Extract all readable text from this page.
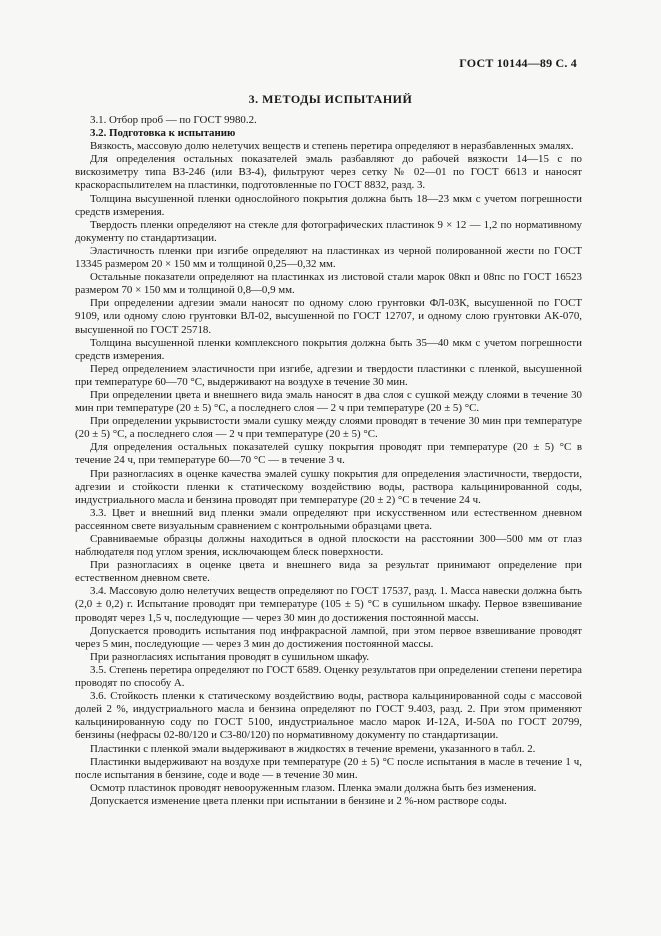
ГОСТ 10144—89 С. 4
3. МЕТОДЫ ИСПЫТАНИЙ

3.1. Отбор проб — по ГОСТ 9980.2.

3.2. Подготовка к испытанию

Вязкость, массовую долю нелетучих веществ и степень перетира определяют в неразбавленных эмалях.

Для определения остальных показателей эмаль разбавляют до рабочей вязкости 14—15 с по вискозиметру типа ВЗ-246 (или ВЗ-4), фильтруют через сетку № 02—01 по ГОСТ 6613 и наносят краскораспылителем на пластинки, подготовленные по ГОСТ 8832, разд. 3.

Толщина высушенной пленки однослойного покрытия должна быть 18—23 мкм с учетом погрешности средств измерения.

Твердость пленки определяют на стекле для фотографических пластинок 9 × 12 — 1,2 по нормативному документу по стандартизации.

Эластичность пленки при изгибе определяют на пластинках из черной полированной жести по ГОСТ 13345 размером 20 × 150 мм и толщиной 0,25—0,32 мм.

Остальные показатели определяют на пластинках из листовой стали марок 08кп и 08пс по ГОСТ 16523 размером 70 × 150 мм и толщиной 0,8—0,9 мм.

При определении адгезии эмали наносят по одному слою грунтовки ФЛ-03К, высушенной по ГОСТ 9109, или одному слою грунтовки ВЛ-02, высушенной по ГОСТ 12707, и одному слою грунтовки АК-070, высушенной по ГОСТ 25718.

Толщина высушенной пленки комплексного покрытия должна быть 35—40 мкм с учетом погрешности средств измерения.

Перед определением эластичности при изгибе, адгезии и твердости пластинки с пленкой, высушенной при температуре 60—70 °С, выдерживают на воздухе в течение 30 мин.

При определении цвета и внешнего вида эмаль наносят в два слоя с сушкой между слоями в течение 30 мин при температуре (20 ± 5) °С, а последнего слоя — 2 ч при температуре (20 ± 5) °С.

При определении укрывистости эмали сушку между слоями проводят в течение 30 мин при температуре (20 ± 5) °С, а последнего слоя — 2 ч при температуре (20 ± 5) °С.

Для определения остальных показателей сушку покрытия проводят при температуре (20 ± 5) °С в течение 24 ч, при температуре 60—70 °С — в течение 3 ч.

При разногласиях в оценке качества эмалей сушку покрытия для определения эластичности, твердости, адгезии и стойкости пленки к статическому воздействию воды, раствора кальцинированной соды, индустриального масла и бензина проводят при температуре (20 ± 2) °С в течение 24 ч.

3.3. Цвет и внешний вид пленки эмали определяют при искусственном или естественном дневном рассеянном свете визуальным сравнением с контрольными образцами цвета.

Сравниваемые образцы должны находиться в одной плоскости на расстоянии 300—500 мм от глаз наблюдателя под углом зрения, исключающем блеск поверхности.

При разногласиях в оценке цвета и внешнего вида за результат принимают определение при естественном дневном свете.

3.4. Массовую долю нелетучих веществ определяют по ГОСТ 17537, разд. 1. Масса навески должна быть (2,0 ± 0,2) г. Испытание проводят при температуре (105 ± 5) °С в сушильном шкафу. Первое взвешивание проводят через 1,5 ч, последующие — через 30 мин до достижения постоянной массы.

Допускается проводить испытания под инфракрасной лампой, при этом первое взвешивание проводят через 5 мин, последующие — через 3 мин до достижения постоянной массы.

При разногласиях испытания проводят в сушильном шкафу.

3.5. Степень перетира определяют по ГОСТ 6589. Оценку результатов при определении степени перетира проводят по способу А.

3.6. Стойкость пленки к статическому воздействию воды, раствора кальцинированной соды с массовой долей 2 %, индустриального масла и бензина определяют по ГОСТ 9.403, разд. 2. При этом применяют кальцинированную соду по ГОСТ 5100, индустриальное масло марок И-12А, И-50А по ГОСТ 20799, бензины (нефрасы 02-80/120 и С3-80/120) по нормативному документу по стандартизации.

Пластинки с пленкой эмали выдерживают в жидкостях в течение времени, указанного в табл. 2.

Пластинки выдерживают на воздухе при температуре (20 ± 5) °С после испытания в масле в течение 1 ч, после испытания в бензине, соде и воде — в течение 30 мин.

Осмотр пластинок проводят невооруженным глазом. Пленка эмали должна быть без изменения.

Допускается изменение цвета пленки при испытании в бензине и 2 %-ном растворе соды.
